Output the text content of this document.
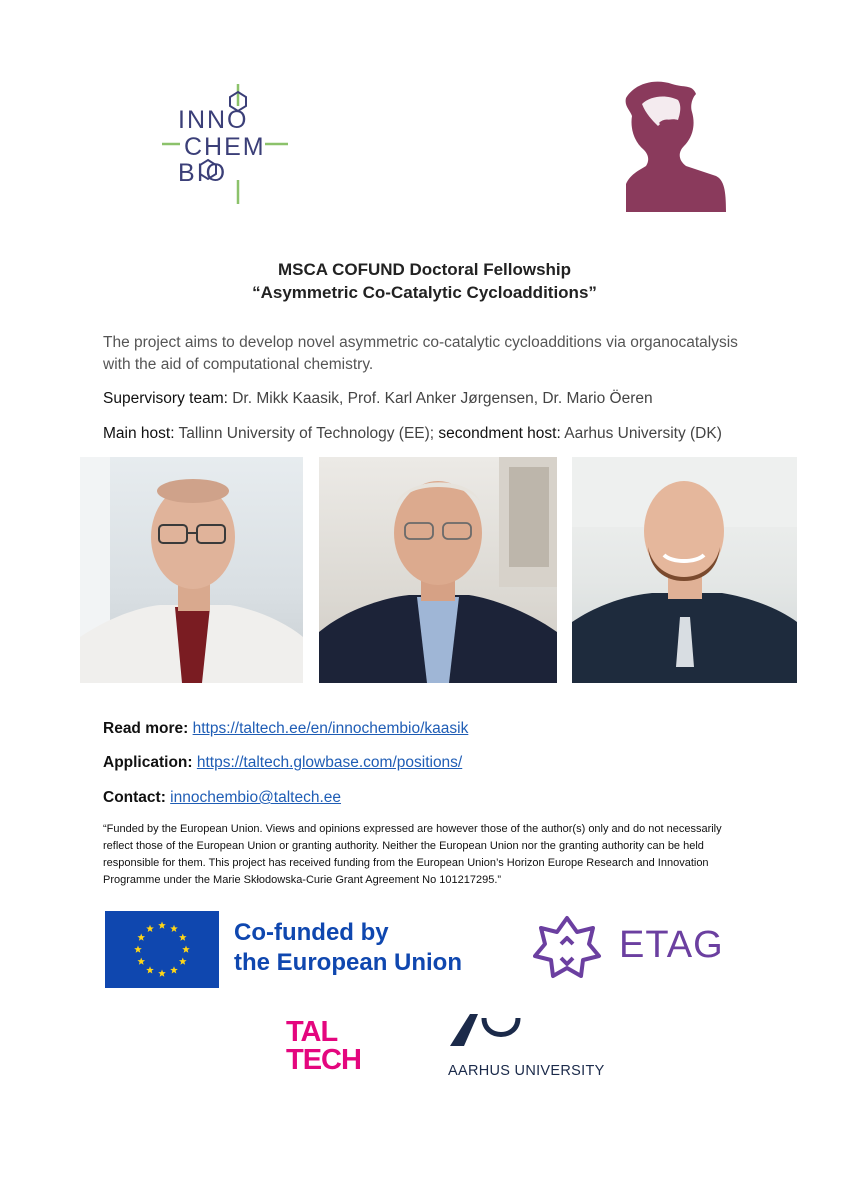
INNO
CHEM
BIO
MSCA COFUND Doctoral Fellowship
“Asymmetric Co-Catalytic Cycloadditions”
The project aims to develop novel asymmetric co-catalytic cycloadditions via organocatalysis with the aid of computational chemistry.
Supervisory team: Dr. Mikk Kaasik, Prof. Karl Anker Jørgensen, Dr. Mario Öeren
Main host: Tallinn University of Technology (EE); secondment host: Aarhus University (DK)
Read more: https://taltech.ee/en/innochembio/kaasik
Application: https://taltech.glowbase.com/positions/
Contact: innochembio@taltech.ee
“Funded by the European Union. Views and opinions expressed are however those of the author(s) only and do not necessarily reflect those of the European Union or granting authority. Neither the European Union nor the granting authority can be held responsible for them. This project has received funding from the European Union’s Horizon Europe Research and Innovation Programme under the Marie Skłodowska-Curie Grant Agreement No 101217295.”
Co-funded by
the European Union	ETAG
TAL
TECH	AARHUS UNIVERSITY
